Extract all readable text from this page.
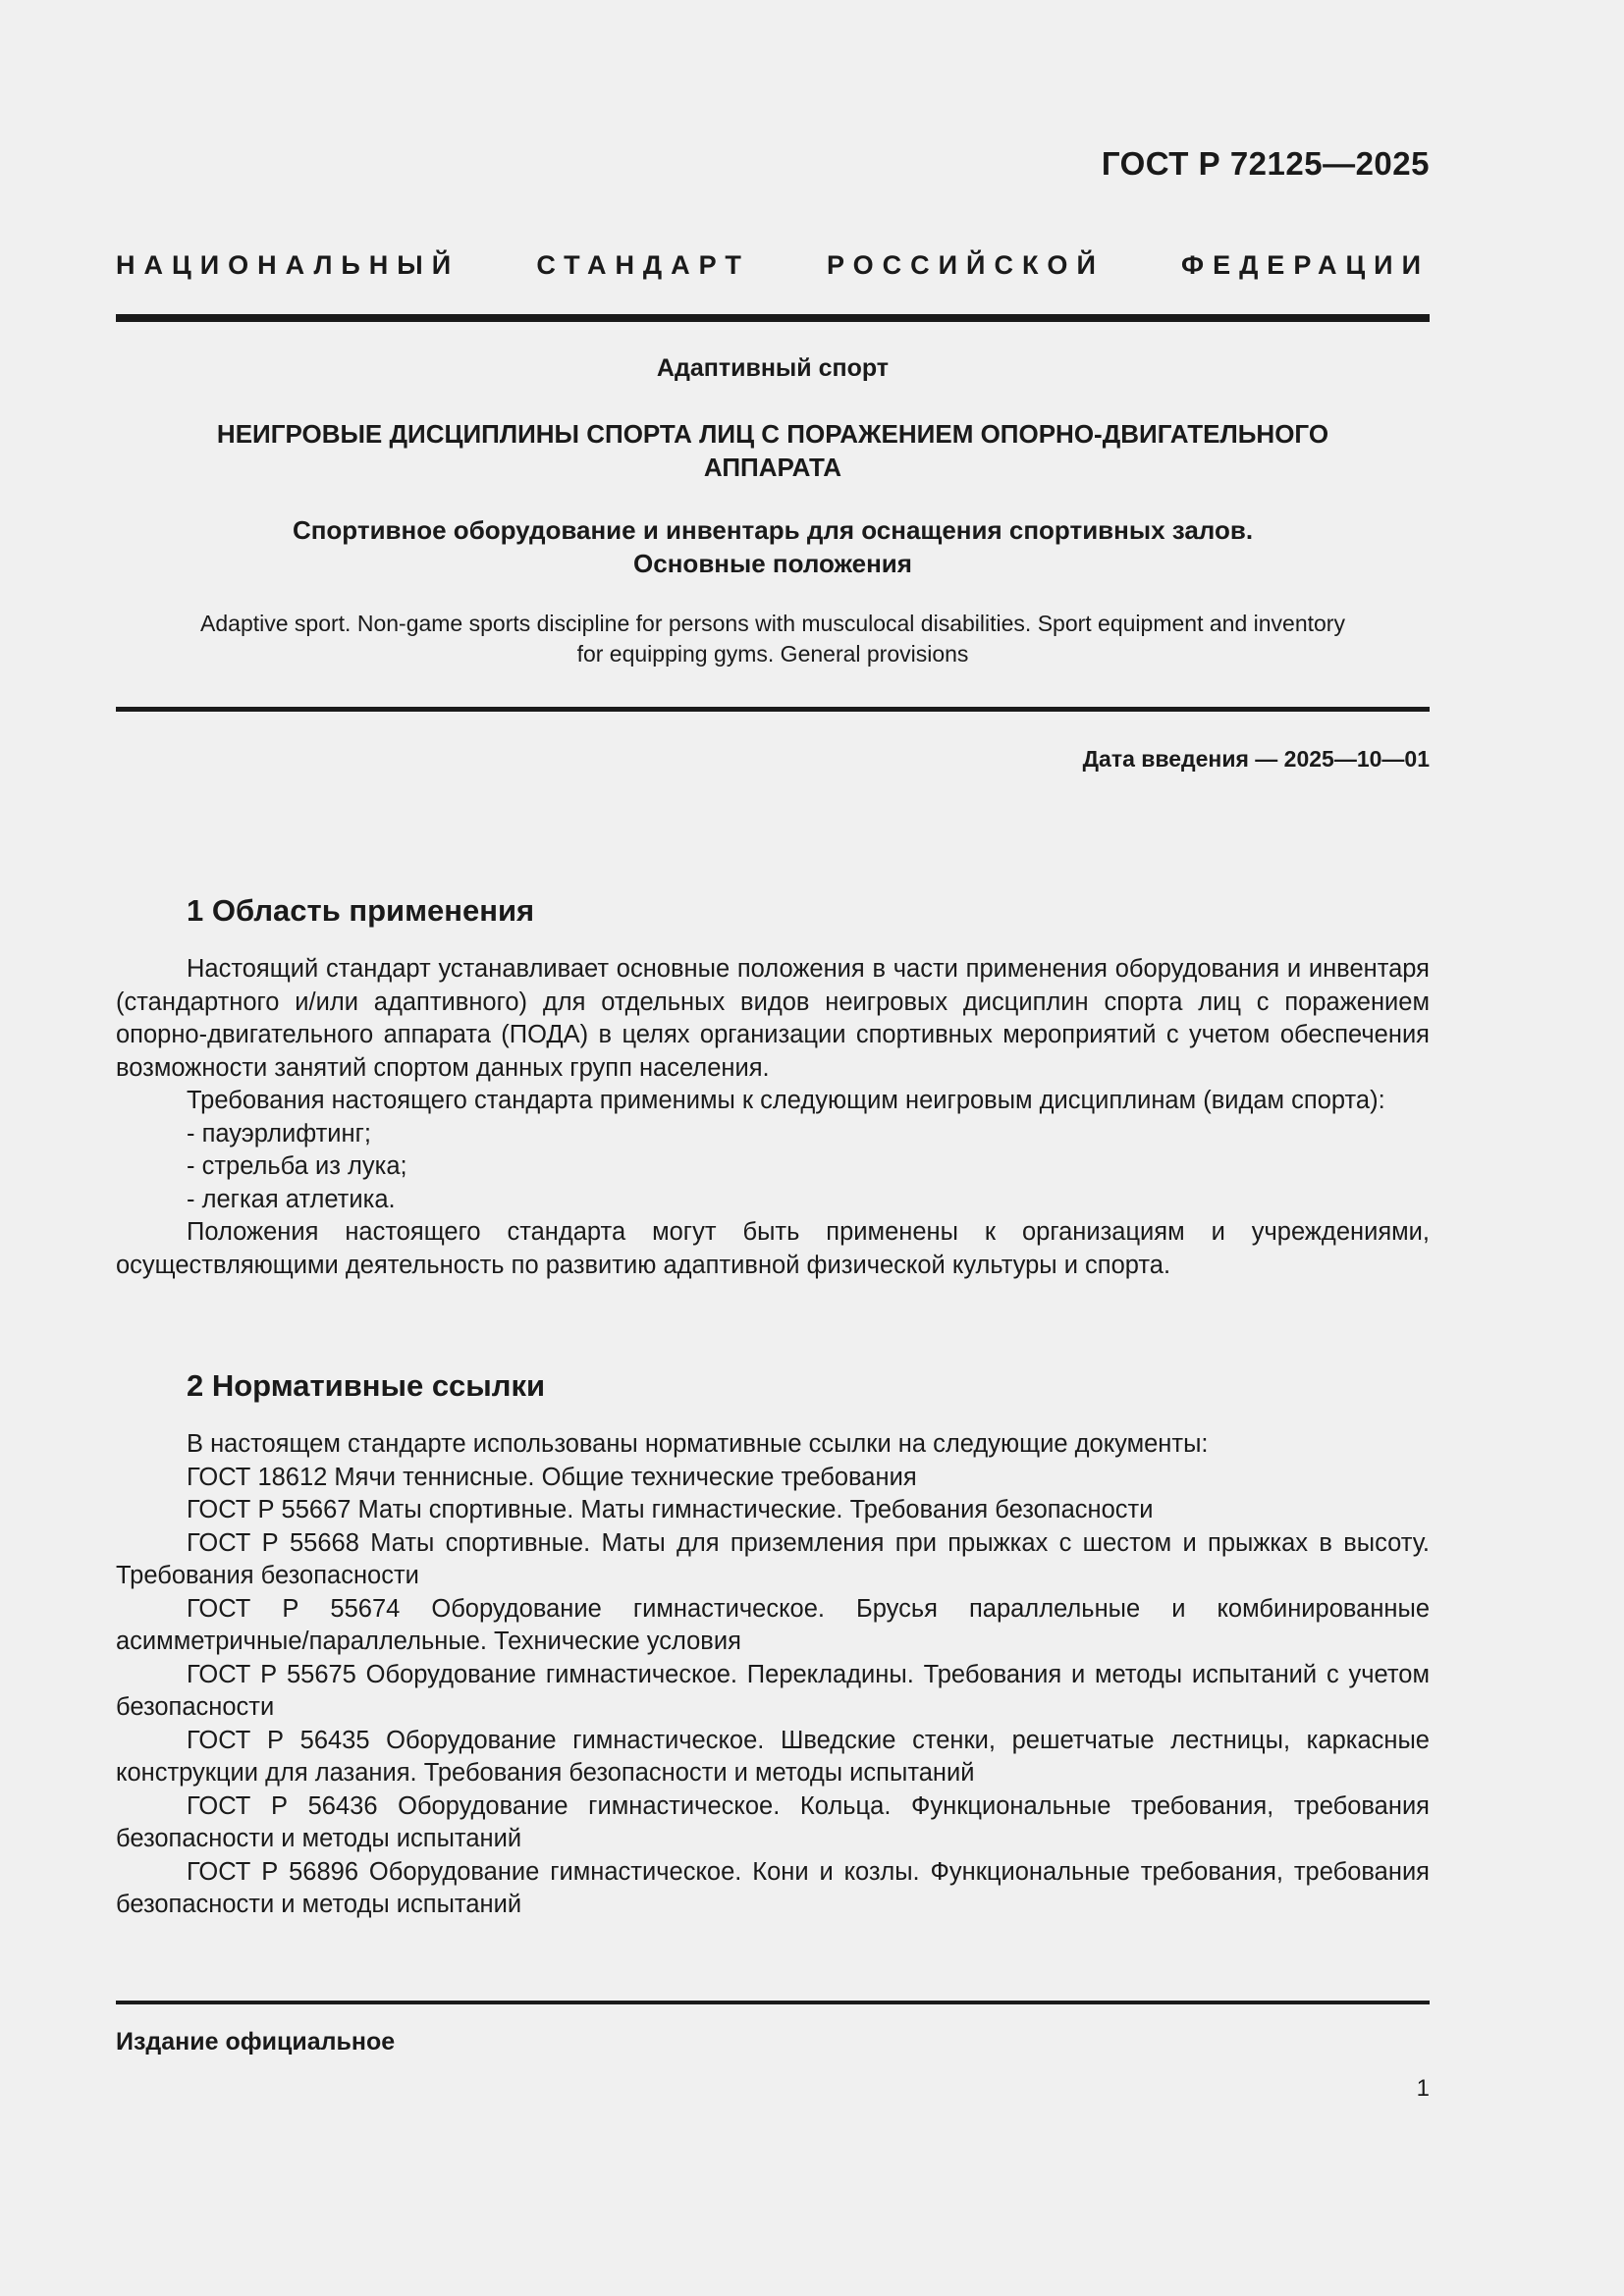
ГОСТ Р 72125—2025
НАЦИОНАЛЬНЫЙ СТАНДАРТ РОССИЙСКОЙ ФЕДЕРАЦИИ
Адаптивный спорт
НЕИГРОВЫЕ ДИСЦИПЛИНЫ СПОРТА ЛИЦ С ПОРАЖЕНИЕМ ОПОРНО-ДВИГАТЕЛЬНОГО
АППАРАТА
Спортивное оборудование и инвентарь для оснащения спортивных залов.
Основные положения
Adaptive sport. Non-game sports discipline for persons with musculocal disabilities. Sport equipment and inventory
for equipping gyms. General provisions
Дата введения — 2025—10—01
1 Область применения

Настоящий стандарт устанавливает основные положения в части применения оборудования и инвентаря (стандартного и/или адаптивного) для отдельных видов неигровых дисциплин спорта лиц с поражением опорно-двигательного аппарата (ПОДА) в целях организации спортивных мероприятий с учетом обеспечения возможности занятий спортом данных групп населения.

Требования настоящего стандарта применимы к следующим неигровым дисциплинам (видам спорта):

- пауэрлифтинг;

- стрельба из лука;

- легкая атлетика.

Положения настоящего стандарта могут быть применены к организациям и учреждениями, осуществляющими деятельность по развитию адаптивной физической культуры и спорта.

2 Нормативные ссылки

В настоящем стандарте использованы нормативные ссылки на следующие документы:

ГОСТ 18612 Мячи теннисные. Общие технические требования

ГОСТ Р 55667 Маты спортивные. Маты гимнастические. Требования безопасности

ГОСТ Р 55668 Маты спортивные. Маты для приземления при прыжках с шестом и прыжках в высоту. Требования безопасности

ГОСТ Р 55674 Оборудование гимнастическое. Брусья параллельные и комбинированные асимметричные/параллельные. Технические условия

ГОСТ Р 55675 Оборудование гимнастическое. Перекладины. Требования и методы испытаний с учетом безопасности

ГОСТ Р 56435 Оборудование гимнастическое. Шведские стенки, решетчатые лестницы, каркасные конструкции для лазания. Требования безопасности и методы испытаний

ГОСТ Р 56436 Оборудование гимнастическое. Кольца. Функциональные требования, требования безопасности и методы испытаний

ГОСТ Р 56896 Оборудование гимнастическое. Кони и козлы. Функциональные требования, требования безопасности и методы испытаний

Издание официальное
1
